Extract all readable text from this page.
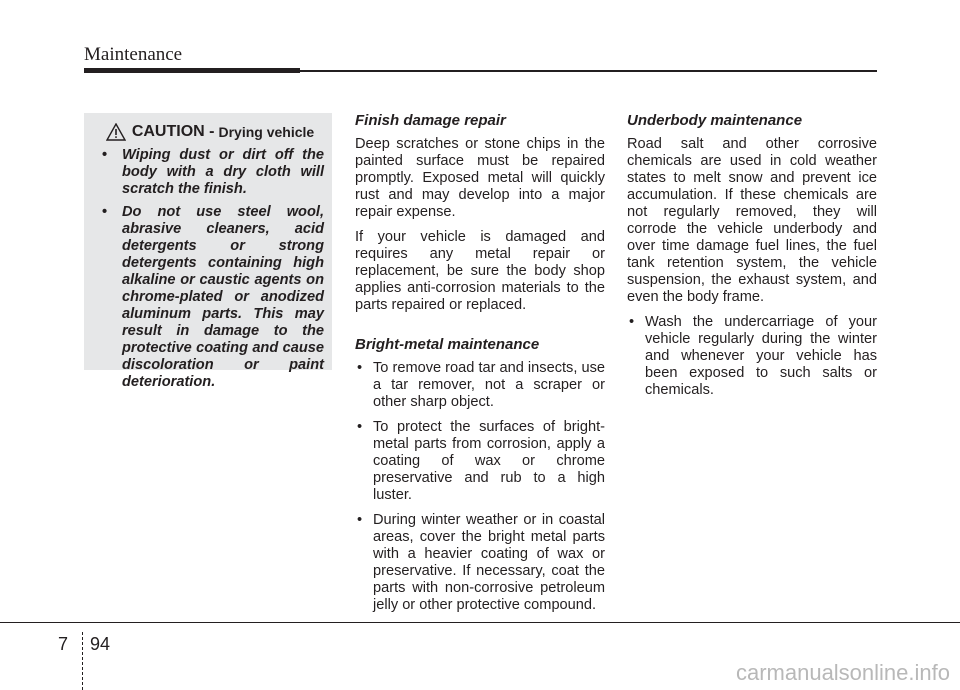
Maintenance
CAUTION - Drying vehicle
• Wiping dust or dirt off the body with a dry cloth will scratch the finish.
• Do not use steel wool, abrasive cleaners, acid detergents or strong detergents containing high alkaline or caustic agents on chrome-plated or anodized aluminum parts. This may result in damage to the protective coating and cause discoloration or paint deterioration.
Finish damage repair

Deep scratches or stone chips in the painted surface must be repaired promptly. Exposed metal will quickly rust and may develop into a major repair expense.

If your vehicle is damaged and requires any metal repair or replacement, be sure the body shop applies anti-corrosion materials to the parts repaired or replaced.

Bright-metal maintenance
• To remove road tar and insects, use a tar remover, not a scraper or other sharp object.
• To protect the surfaces of bright-metal parts from corrosion, apply a coating of wax or chrome preservative and rub to a high luster.
• During winter weather or in coastal areas, cover the bright metal parts with a heavier coating of wax or preservative. If necessary, coat the parts with non-corrosive petroleum jelly or other protective compound.
Underbody maintenance

Road salt and other corrosive chemicals are used in cold weather states to melt snow and prevent ice accumulation. If these chemicals are not regularly removed, they will corrode the vehicle underbody and over time damage fuel lines, the fuel tank retention system, the vehicle suspension, the exhaust system, and even the body frame.

• Wash the undercarriage of your vehicle regularly during the winter and whenever your vehicle has been exposed to such salts or chemicals.
7 94
carmanualsonline.info
